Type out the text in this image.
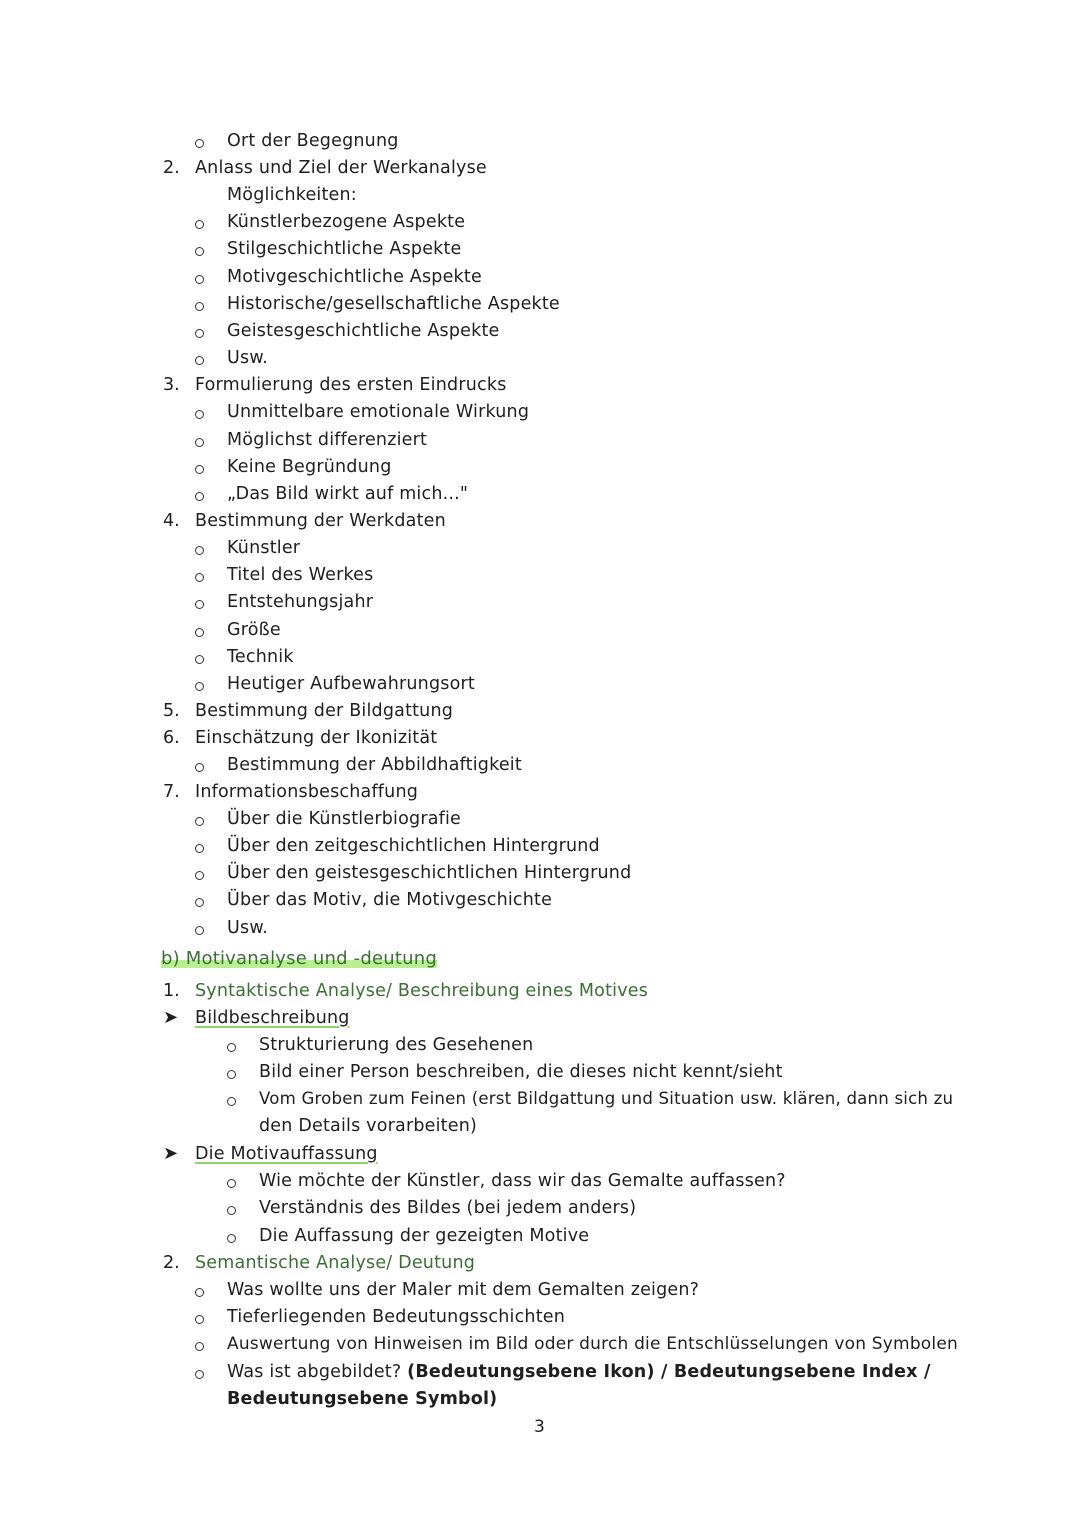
Ort der Begegnung
2. Anlass und Ziel der Werkanalyse
Möglichkeiten:
Künstlerbezogene Aspekte
Stilgeschichtliche Aspekte
Motivgeschichtliche Aspekte
Historische/gesellschaftliche Aspekte
Geistesgeschichtliche Aspekte
Usw.
3. Formulierung des ersten Eindrucks
Unmittelbare emotionale Wirkung
Möglichst differenziert
Keine Begründung
„Das Bild wirkt auf mich..."
4. Bestimmung der Werkdaten
Künstler
Titel des Werkes
Entstehungsjahr
Größe
Technik
Heutiger Aufbewahrungsort
5. Bestimmung der Bildgattung
6. Einschätzung der Ikonizität
Bestimmung der Abbildhaftigkeit
7. Informationsbeschaffung
Über die Künstlerbiografie
Über den zeitgeschichtlichen Hintergrund
Über den geistesgeschichtlichen Hintergrund
Über das Motiv, die Motivgeschichte
Usw.
b) Motivanalyse und -deutung
1. Syntaktische Analyse/ Beschreibung eines Motives
➤ Bildbeschreibung
Strukturierung des Gesehenen
Bild einer Person beschreiben, die dieses nicht kennt/sieht
Vom Groben zum Feinen (erst Bildgattung und Situation usw. klären, dann sich zu
den Details vorarbeiten)
➤ Die Motivauffassung
Wie möchte der Künstler, dass wir das Gemalte auffassen?
Verständnis des Bildes (bei jedem anders)
Die Auffassung der gezeigten Motive
2. Semantische Analyse/ Deutung
Was wollte uns der Maler mit dem Gemalten zeigen?
Tieferliegenden Bedeutungsschichten
Auswertung von Hinweisen im Bild oder durch die Entschlüsselungen von Symbolen
Was ist abgebildet? (Bedeutungsebene Ikon) / Bedeutungsebene Index /
Bedeutungsebene Symbol)
3
